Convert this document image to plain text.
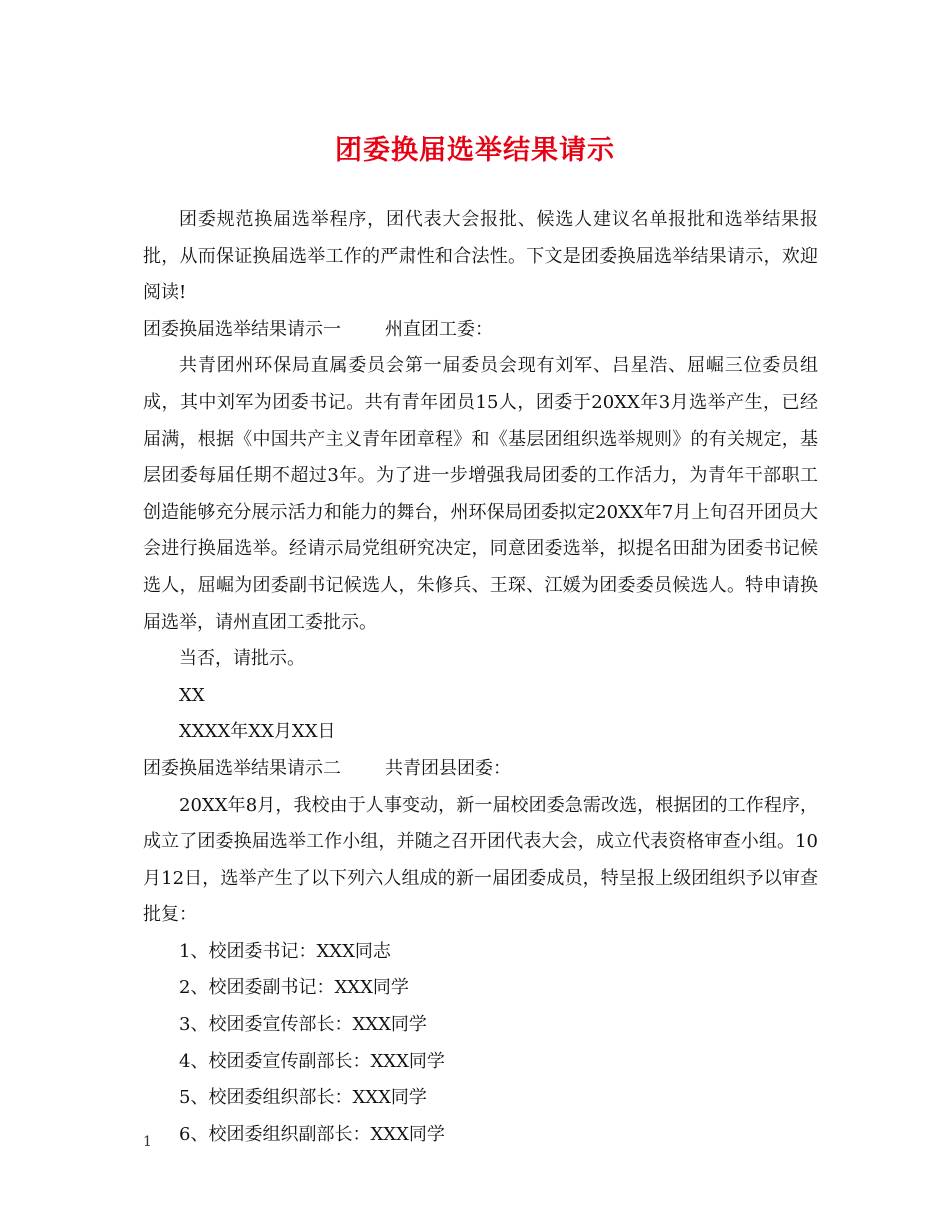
团委换届选举结果请示

团委规范换届选举程序，团代表大会报批、候选人建议名单报批和选举结果报批，从而保证换届选举工作的严肃性和合法性。下文是团委换届选举结果请示，欢迎阅读!

团委换届选举结果请示一 州直团工委：

共青团州环保局直属委员会第一届委员会现有刘军、吕星浩、屈崛三位委员组成，其中刘军为团委书记。共有青年团员15人，团委于20XX年3月选举产生，已经届满，根据《中国共产主义青年团章程》和《基层团组织选举规则》的有关规定，基层团委每届任期不超过3年。为了进一步增强我局团委的工作活力，为青年干部职工创造能够充分展示活力和能力的舞台，州环保局团委拟定20XX年7月上旬召开团员大会进行换届选举。经请示局党组研究决定，同意团委选举，拟提名田甜为团委书记候选人，屈崛为团委副书记候选人，朱修兵、王琛、江媛为团委委员候选人。特申请换届选举，请州直团工委批示。

当否，请批示。

XX

XXXX年XX月XX日

团委换届选举结果请示二 共青团县团委：

20XX年8月，我校由于人事变动，新一届校团委急需改选，根据团的工作程序，成立了团委换届选举工作小组，并随之召开团代表大会，成立代表资格审查小组。10月12日，选举产生了以下列六人组成的新一届团委成员，特呈报上级团组织予以审查批复：

1、校团委书记：XXX同志

2、校团委副书记：XXX同学

3、校团委宣传部长：XXX同学

4、校团委宣传副部长：XXX同学

5、校团委组织部长：XXX同学

6、校团委组织副部长：XXX同学

1
